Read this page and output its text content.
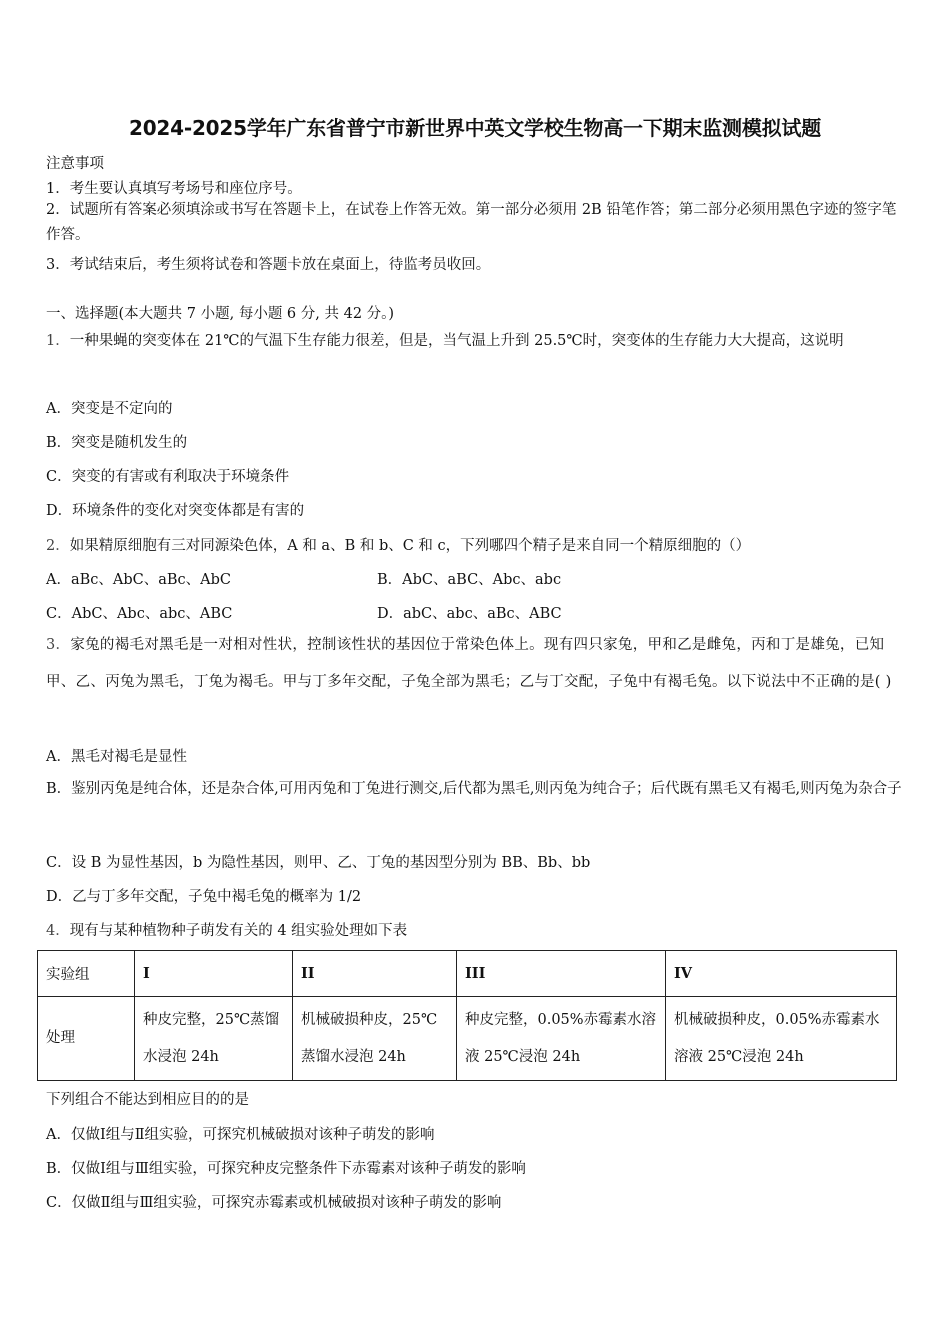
2024-2025学年广东省普宁市新世界中英文学校生物高一下期末监测模拟试题
注意事项
1．考生要认真填写考场号和座位序号。
2．试题所有答案必须填涂或书写在答题卡上，在试卷上作答无效。第一部分必须用 2B 铅笔作答；第二部分必须用黑色字迹的签字笔作答。
3．考试结束后，考生须将试卷和答题卡放在桌面上，待监考员收回。
一、选择题(本大题共 7 小题, 每小题 6 分, 共 42 分。)
1．一种果蝇的突变体在 21℃的气温下生存能力很差，但是，当气温上升到 25.5℃时，突变体的生存能力大大提高，这说明
A．突变是不定向的
B．突变是随机发生的
C．突变的有害或有利取决于环境条件
D．环境条件的变化对突变体都是有害的
2．如果精原细胞有三对同源染色体，A 和 a、B 和 b、C 和 c，下列哪四个精子是来自同一个精原细胞的（）
A．aBc、AbC、aBc、AbC	B．AbC、aBC、Abc、abc
C．AbC、Abc、abc、ABC	D．abC、abc、aBc、ABC
3．家兔的褐毛对黑毛是一对相对性状，控制该性状的基因位于常染色体上。现有四只家兔，甲和乙是雌兔，丙和丁是雄兔，已知甲、乙、丙兔为黑毛，丁兔为褐毛。甲与丁多年交配，子兔全部为黑毛；乙与丁交配，子兔中有褐毛兔。以下说法中不正确的是( )
A．黑毛对褐毛是显性
B．鉴别丙兔是纯合体，还是杂合体,可用丙兔和丁兔进行测交,后代都为黑毛,则丙兔为纯合子；后代既有黑毛又有褐毛,则丙兔为杂合子
C．设 B 为显性基因，b 为隐性基因，则甲、乙、丁兔的基因型分别为 BB、Bb、bb
D．乙与丁多年交配，子兔中褐毛兔的概率为 1/2
4．现有与某种植物种子萌发有关的 4 组实验处理如下表
实验组	I	II	III	IV
处理	种皮完整，25℃蒸馏水浸泡 24h	机械破损种皮，25℃蒸馏水浸泡 24h	种皮完整，0.05%赤霉素水溶液 25℃浸泡 24h	机械破损种皮，0.05%赤霉素水溶液 25℃浸泡 24h
下列组合不能达到相应目的的是
A．仅做Ⅰ组与Ⅱ组实验，可探究机械破损对该种子萌发的影响
B．仅做Ⅰ组与Ⅲ组实验，可探究种皮完整条件下赤霉素对该种子萌发的影响
C．仅做Ⅱ组与Ⅲ组实验，可探究赤霉素或机械破损对该种子萌发的影响
